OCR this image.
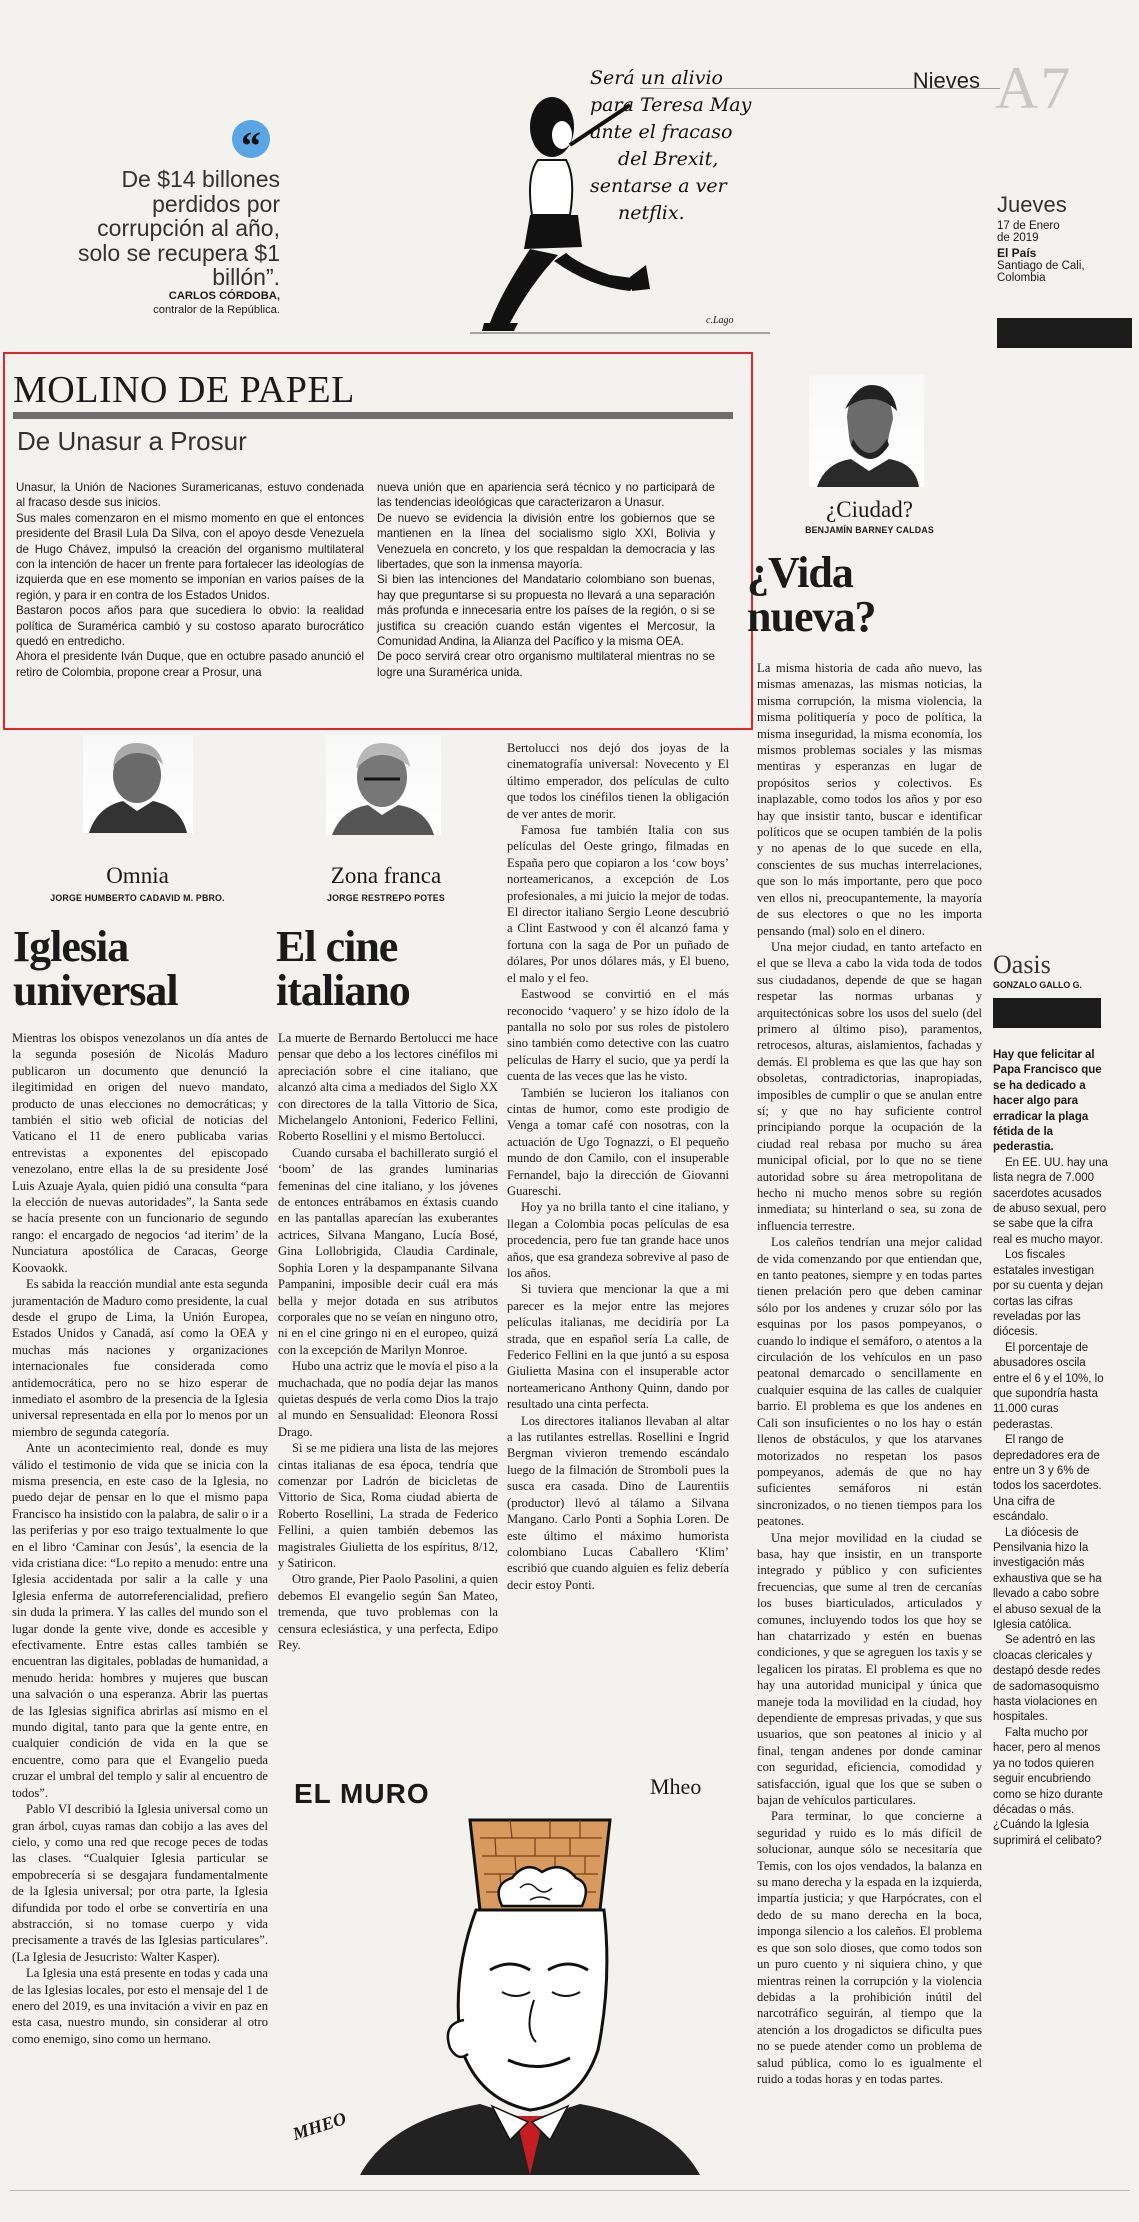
Nieves A7
“
De $14 billones perdidos por corrupción al año, solo se recupera $1 billón”.
CARLOS CÓRDOBA,
contralor de la República.
Será un alivio
para Teresa May
ante el fracaso
del Brexit,
sentarse a ver
netflix.
c.Lago
Jueves
17 de Enero
de 2019
El País
Santiago de Cali,
Colombia
MOLINO DE PAPEL
De Unasur a Prosur

Unasur, la Unión de Naciones Suramericanas, estuvo condenada al fracaso desde sus inicios.

Sus males comenzaron en el mismo momento en que el entonces presidente del Brasil Lula Da Silva, con el apoyo desde Venezuela de Hugo Chávez, impulsó la creación del organismo multilateral con la intención de hacer un frente para fortalecer las ideologías de izquierda que en ese momento se imponían en varios países de la región, y para ir en contra de los Estados Unidos.

Bastaron pocos años para que sucediera lo obvio: la realidad política de Suramérica cambió y su costoso aparato burocrático quedó en entredicho.

Ahora el presidente Iván Duque, que en octubre pasado anunció el retiro de Colombia, propone crear a Prosur, una

nueva unión que en apariencia será técnico y no participará de las tendencias ideológicas que caracterizaron a Unasur.

De nuevo se evidencia la división entre los gobiernos que se mantienen en la línea del socialismo siglo XXI, Bolivia y Venezuela en concreto, y los que respaldan la democracia y las libertades, que son la inmensa mayoría.

Si bien las intenciones del Mandatario colombiano son buenas, hay que preguntarse si su propuesta no llevará a una separación más profunda e innecesaria entre los países de la región, o si se justifica su creación cuando están vigentes el Mercosur, la Comunidad Andina, la Alianza del Pacífico y la misma OEA.

De poco servirá crear otro organismo multilateral mientras no se logre una Suramérica unida.

¿Ciudad?
BENJAMÍN BARNEY CALDAS
¿Vida
nueva?

La misma historia de cada año nuevo, las mismas amenazas, las mismas noticias, la misma corrupción, la misma violencia, la misma politiquería y poco de política, la misma inseguridad, la misma economía, los mismos problemas sociales y las mismas mentiras y esperanzas en lugar de propósitos serios y colectivos. Es inaplazable, como todos los años y por eso hay que insistir tanto, buscar e identificar políticos que se ocupen también de la polis y no apenas de lo que sucede en ella, conscientes de sus muchas interrelaciones, que son lo más importante, pero que poco ven ellos ni, preocupantemente, la mayoría de sus electores o que no les importa pensando (mal) solo en el dinero.

Una mejor ciudad, en tanto artefacto en el que se lleva a cabo la vida toda de todos sus ciudadanos, depende de que se hagan respetar las normas urbanas y arquitectónicas sobre los usos del suelo (del primero al último piso), paramentos, retrocesos, alturas, aislamientos, fachadas y demás. El problema es que las que hay son obsoletas, contradictorias, inapropiadas, imposibles de cumplir o que se anulan entre sí; y que no hay suficiente control principiando porque la ocupación de la ciudad real rebasa por mucho su área municipal oficial, por lo que no se tiene autoridad sobre su área metropolitana de hecho ni mucho menos sobre su región inmediata; su hinterland o sea, su zona de influencia terrestre.

Los caleños tendrían una mejor calidad de vida comenzando por que entiendan que, en tanto peatones, siempre y en todas partes tienen prelación pero que deben caminar sólo por los andenes y cruzar sólo por las esquinas por los pasos pompeyanos, o cuando lo indique el semáforo, o atentos a la circulación de los vehículos en un paso peatonal demarcado o sencillamente en cualquier esquina de las calles de cualquier barrio. El problema es que los andenes en Cali son insuficientes o no los hay o están llenos de obstáculos, y que los atarvanes motorizados no respetan los pasos pompeyanos, además de que no hay suficientes semáforos ni están sincronizados, o no tienen tiempos para los peatones.

Una mejor movilidad en la ciudad se basa, hay que insistir, en un transporte integrado y público y con suficientes frecuencias, que sume al tren de cercanías los buses biarticulados, articulados y comunes, incluyendo todos los que hoy se han chatarrizado y estén en buenas condiciones, y que se agreguen los taxis y se legalicen los piratas. El problema es que no hay una autoridad municipal y única que maneje toda la movilidad en la ciudad, hoy dependiente de empresas privadas, y que sus usuarios, que son peatones al inicio y al final, tengan andenes por donde caminar con seguridad, eficiencia, comodidad y satisfacción, igual que los que se suben o bajan de vehículos particulares.

Para terminar, lo que concierne a seguridad y ruido es lo más difícil de solucionar, aunque sólo se necesitaría que Temis, con los ojos vendados, la balanza en su mano derecha y la espada en la izquierda, impartía justicia; y que Harpócrates, con el dedo de su mano derecha en la boca, imponga silencio a los caleños. El problema es que son solo dioses, que como todos son un puro cuento y ni siquiera chino, y que mientras reinen la corrupción y la violencia debidas a la prohibición inútil del narcotráfico seguirán, al tiempo que la atención a los drogadictos se dificulta pues no se puede atender como un problema de salud pública, como lo es igualmente el ruido a todas horas y en todas partes.

Omnia
JORGE HUMBERTO CADAVID M. PBRO.
Iglesia
universal

Mientras los obispos venezolanos un día antes de la segunda posesión de Nicolás Maduro publicaron un documento que denunció la ilegitimidad en origen del nuevo mandato, producto de unas elecciones no democráticas; y también el sitio web oficial de noticias del Vaticano el 11 de enero publicaba varias entrevistas a exponentes del episcopado venezolano, entre ellas la de su presidente José Luis Azuaje Ayala, quien pidió una consulta “para la elección de nuevas autoridades”, la Santa sede se hacía presente con un funcionario de segundo rango: el encargado de negocios ‘ad iterim’ de la Nunciatura apostólica de Caracas, George Koovaokk.

Es sabida la reacción mundial ante esta segunda juramentación de Maduro como presidente, la cual desde el grupo de Lima, la Unión Europea, Estados Unidos y Canadá, así como la OEA y muchas más naciones y organizaciones internacionales fue considerada como antidemocrática, pero no se hizo esperar de inmediato el asombro de la presencia de la Iglesia universal representada en ella por lo menos por un miembro de segunda categoría.

Ante un acontecimiento real, donde es muy válido el testimonio de vida que se inicia con la misma presencia, en este caso de la Iglesia, no puedo dejar de pensar en lo que el mismo papa Francisco ha insistido con la palabra, de salir o ir a las periferias y por eso traigo textualmente lo que en el libro ‘Caminar con Jesús’, la esencia de la vida cristiana dice: “Lo repito a menudo: entre una Iglesia accidentada por salir a la calle y una Iglesia enferma de autorreferencialidad, prefiero sin duda la primera. Y las calles del mundo son el lugar donde la gente vive, donde es accesible y efectivamente. Entre estas calles también se encuentran las digitales, pobladas de humanidad, a menudo herida: hombres y mujeres que buscan una salvación o una esperanza. Abrir las puertas de las Iglesias significa abrirlas así mismo en el mundo digital, tanto para que la gente entre, en cualquier condición de vida en la que se encuentre, como para que el Evangelio pueda cruzar el umbral del templo y salir al encuentro de todos”.

Pablo VI describió la Iglesia universal como un gran árbol, cuyas ramas dan cobijo a las aves del cielo, y como una red que recoge peces de todas las clases. “Cualquier Iglesia particular se empobrecería si se desgajara fundamentalmente de la Iglesia universal; por otra parte, la Iglesia difundida por todo el orbe se convertiría en una abstracción, si no tomase cuerpo y vida precisamente a través de las Iglesias particulares”. (La Iglesia de Jesucristo: Walter Kasper).

La Iglesia una está presente en todas y cada una de las Iglesias locales, por esto el mensaje del 1 de enero del 2019, es una invitación a vivir en paz en esta casa, nuestro mundo, sin considerar al otro como enemigo, sino como un hermano.

Zona franca
JORGE RESTREPO POTES
El cine
italiano

La muerte de Bernardo Bertolucci me hace pensar que debo a los lectores cinéfilos mi apreciación sobre el cine italiano, que alcanzó alta cima a mediados del Siglo XX con directores de la talla Vittorio de Sica, Michelangelo Antonioni, Federico Fellini, Roberto Rosellini y el mismo Bertolucci.

Cuando cursaba el bachillerato surgió el ‘boom’ de las grandes luminarias femeninas del cine italiano, y los jóvenes de entonces entrábamos en éxtasis cuando en las pantallas aparecían las exuberantes actrices, Silvana Mangano, Lucía Bosé, Gina Lollobrigida, Claudia Cardinale, Sophia Loren y la despampanante Silvana Pampanini, imposible decir cuál era más bella y mejor dotada en sus atributos corporales que no se veían en ninguno otro, ni en el cine gringo ni en el europeo, quizá con la excepción de Marilyn Monroe.

Hubo una actriz que le movía el piso a la muchachada, que no podía dejar las manos quietas después de verla como Dios la trajo al mundo en Sensualidad: Eleonora Rossi Drago.

Si se me pidiera una lista de las mejores cintas italianas de esa época, tendría que comenzar por Ladrón de bicicletas de Vittorio de Sica, Roma ciudad abierta de Roberto Rosellini, La strada de Federico Fellini, a quien también debemos las magistrales Giulietta de los espíritus, 8/12, y Satiricon.

Otro grande, Pier Paolo Pasolini, a quien debemos El evangelio según San Mateo, tremenda, que tuvo problemas con la censura eclesiástica, y una perfecta, Edipo Rey.

Bertolucci nos dejó dos joyas de la cinematografía universal: Novecento y El último emperador, dos películas de culto que todos los cinéfilos tienen la obligación de ver antes de morir.

Famosa fue también Italia con sus películas del Oeste gringo, filmadas en España pero que copiaron a los ‘cow boys’ norteamericanos, a excepción de Los profesionales, a mi juicio la mejor de todas. El director italiano Sergio Leone descubrió a Clint Eastwood y con él alcanzó fama y fortuna con la saga de Por un puñado de dólares, Por unos dólares más, y El bueno, el malo y el feo.

Eastwood se convirtió en el más reconocido ‘vaquero’ y se hizo ídolo de la pantalla no solo por sus roles de pistolero sino también como detective con las cuatro películas de Harry el sucio, que ya perdí la cuenta de las veces que las he visto.

También se lucieron los italianos con cintas de humor, como este prodigio de Venga a tomar café con nosotras, con la actuación de Ugo Tognazzi, o El pequeño mundo de don Camilo, con el insuperable Fernandel, bajo la dirección de Giovanni Guareschi.

Hoy ya no brilla tanto el cine italiano, y llegan a Colombia pocas películas de esa procedencia, pero fue tan grande hace unos años, que esa grandeza sobrevive al paso de los años.

Si tuviera que mencionar la que a mi parecer es la mejor entre las mejores películas italianas, me decidiría por La strada, que en español sería La calle, de Federico Fellini en la que juntó a su esposa Giulietta Masina con el insuperable actor norteamericano Anthony Quinn, dando por resultado una cinta perfecta.

Los directores italianos llevaban al altar a las rutilantes estrellas. Rosellini e Ingrid Bergman vivieron tremendo escándalo luego de la filmación de Stromboli pues la susca era casada. Dino de Laurentiis (productor) llevó al tálamo a Silvana Mangano. Carlo Ponti a Sophia Loren. De este último el máximo humorista colombiano Lucas Caballero ‘Klim’ escribió que cuando alguien es feliz debería decir estoy Ponti.

EL MURO	Mheo
MHEO
Oasis
GONZALO GALLO G.
Hay que felicitar al Papa Francisco que se ha dedicado a hacer algo para erradicar la plaga fétida de la pederastia.

En EE. UU. hay una lista negra de 7.000 sacerdotes acusados de abuso sexual, pero se sabe que la cifra real es mucho mayor.

Los fiscales estatales investigan por su cuenta y dejan cortas las cifras reveladas por las diócesis.

El porcentaje de abusadores oscila entre el 6 y el 10%, lo que supondría hasta 11.000 curas pederastas.

El rango de depredadores era de entre un 3 y 6% de todos los sacerdotes. Una cifra de escándalo.

La diócesis de Pensilvania hizo la investigación más exhaustiva que se ha llevado a cabo sobre el abuso sexual de la Iglesia católica.

Se adentró en las cloacas clericales y destapó desde redes de sadomasoquismo hasta violaciones en hospitales.

Falta mucho por hacer, pero al menos ya no todos quieren seguir encubriendo como se hizo durante décadas o más. ¿Cuándo la Iglesia suprimirá el celibato?
